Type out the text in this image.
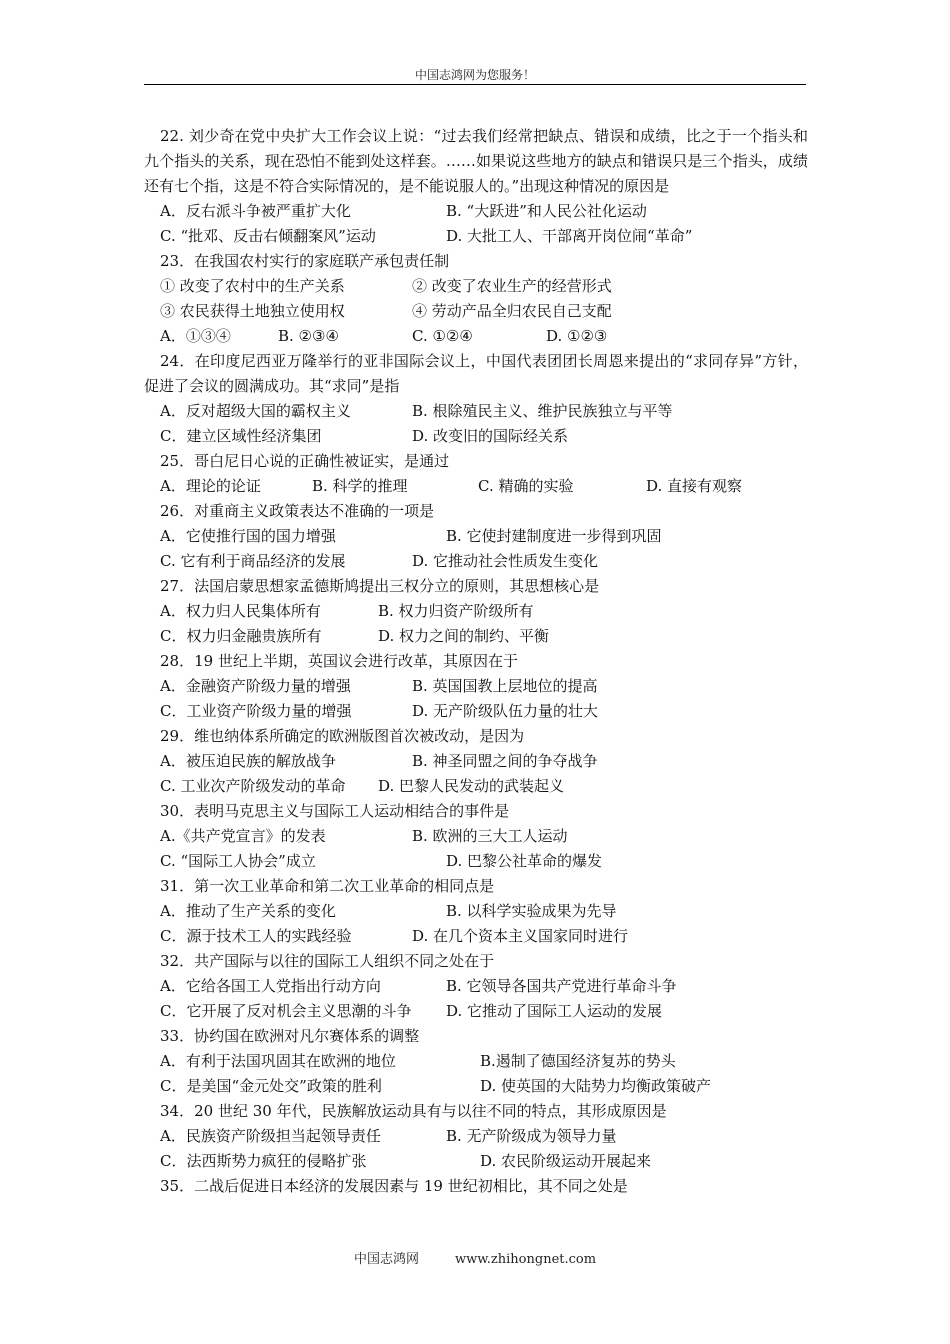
中国志鸿网为您服务！
22. 刘少奇在党中央扩大工作会议上说：“过去我们经常把缺点、错误和成绩，比之于一个指头和九个指头的关系，现在恐怕不能到处这样套。……如果说这些地方的缺点和错误只是三个指头，成绩还有七个指，这是不符合实际情况的，是不能说服人的。”出现这种情况的原因是
A．反右派斗争被严重扩大化	B. “大跃进”和人民公社化运动
C. “批邓、反击右倾翻案风”运动	D. 大批工人、干部离开岗位闹“革命”
23．在我国农村实行的家庭联产承包责任制
① 改变了农村中的生产关系	② 改变了农业生产的经营形式
③ 农民获得土地独立使用权	④ 劳动产品全归农民自己支配
A．①③④	B. ②③④	C. ①②④	D. ①②③
24．在印度尼西亚万隆举行的亚非国际会议上，中国代表团团长周恩来提出的“求同存异”方针，促进了会议的圆满成功。其“求同”是指
A．反对超级大国的霸权主义	B. 根除殖民主义、维护民族独立与平等
C．建立区域性经济集团	D. 改变旧的国际经关系
25．哥白尼日心说的正确性被证实，是通过
A．理论的论证	B. 科学的推理	C. 精确的实验	D. 直接有观察
26．对重商主义政策表达不准确的一项是
A．它使推行国的国力增强	B. 它使封建制度进一步得到巩固
C. 它有利于商品经济的发展	D. 它推动社会性质发生变化
27．法国启蒙思想家孟德斯鸠提出三权分立的原则，其思想核心是
A．权力归人民集体所有	B. 权力归资产阶级所有
C．权力归金融贵族所有	D. 权力之间的制约、平衡
28．19 世纪上半期，英国议会进行改革，其原因在于
A．金融资产阶级力量的增强	B. 英国国教上层地位的提高
C．工业资产阶级力量的增强	D. 无产阶级队伍力量的壮大
29．维也纳体系所确定的欧洲版图首次被改动，是因为
A．被压迫民族的解放战争	B. 神圣同盟之间的争夺战争
C. 工业次产阶级发动的革命 D. 巴黎人民发动的武装起义
30．表明马克思主义与国际工人运动相结合的事件是
A.《共产党宣言》的发表	B. 欧洲的三大工人运动
C. “国际工人协会”成立	D. 巴黎公社革命的爆发
31．第一次工业革命和第二次工业革命的相同点是
A．推动了生产关系的变化	B. 以科学实验成果为先导
C．源于技术工人的实践经验	D. 在几个资本主义国家同时进行
32．共产国际与以往的国际工人组织不同之处在于
A．它给各国工人党指出行动方向	B. 它领导各国共产党进行革命斗争
C．它开展了反对机会主义思潮的斗争 D. 它推动了国际工人运动的发展
33．协约国在欧洲对凡尔赛体系的调整
A．有利于法国巩固其在欧洲的地位	B.遏制了德国经济复苏的势头
C．是美国“金元处交”政策的胜利	D. 使英国的大陆势力均衡政策破产
34．20 世纪 30 年代，民族解放运动具有与以往不同的特点，其形成原因是
A．民族资产阶级担当起领导责任	B. 无产阶级成为领导力量
C．法西斯势力疯狂的侵略扩张	D. 农民阶级运动开展起来
35．二战后促进日本经济的发展因素与 19 世纪初相比，其不同之处是
中国志鸿网	www.zhihongnet.com
